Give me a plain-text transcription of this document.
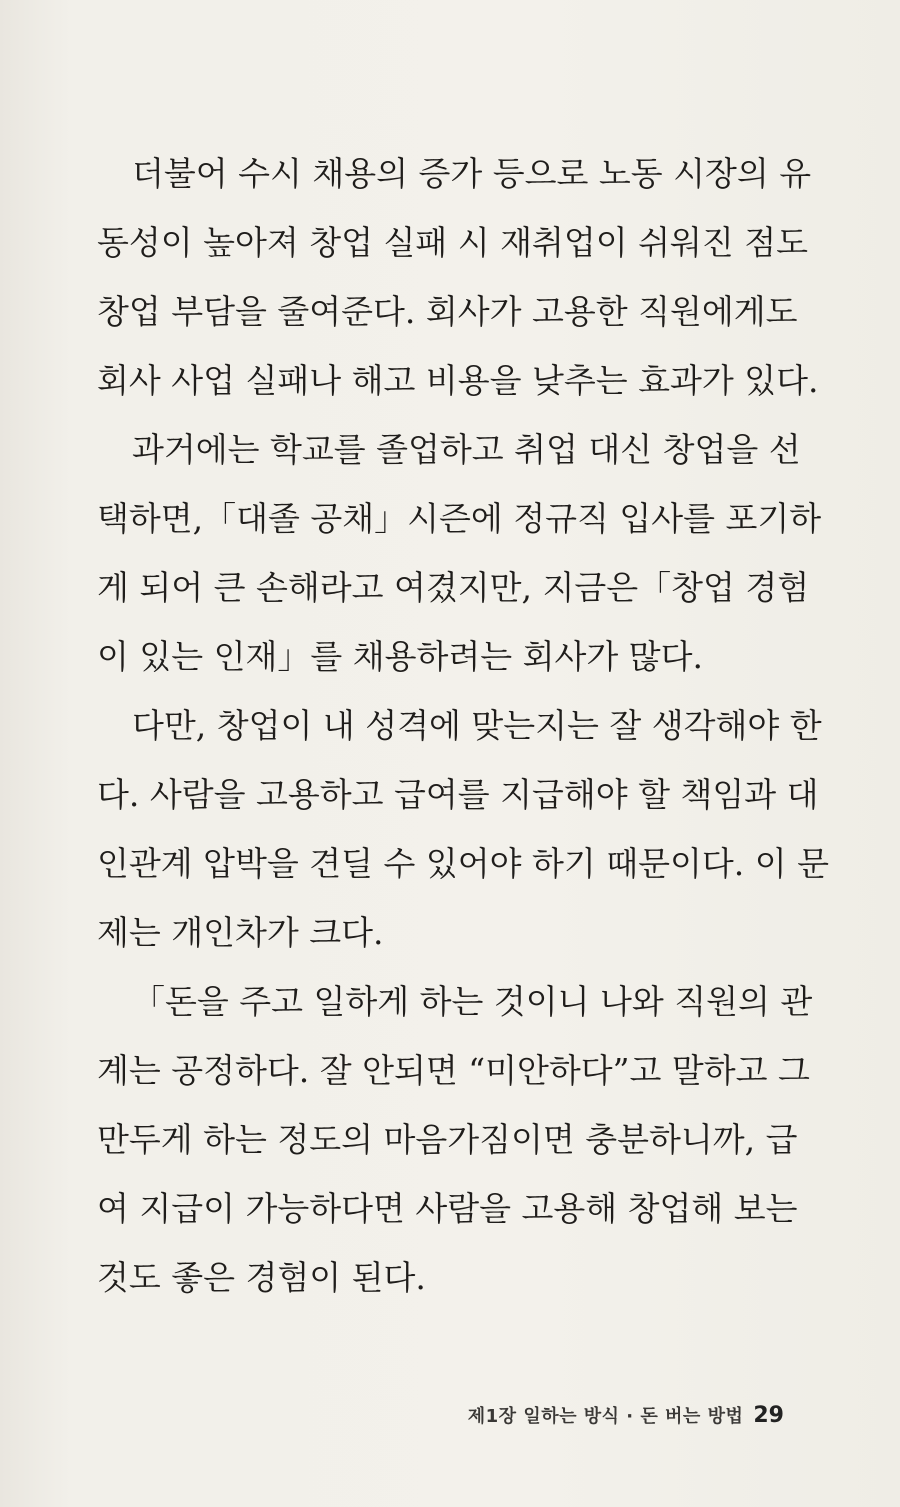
더불어 수시 채용의 증가 등으로 노동 시장의 유
동성이 높아져 창업 실패 시 재취업이 쉬워진 점도
창업 부담을 줄여준다. 회사가 고용한 직원에게도
회사 사업 실패나 해고 비용을 낮추는 효과가 있다.
과거에는 학교를 졸업하고 취업 대신 창업을 선
택하면,「대졸 공채」시즌에 정규직 입사를 포기하
게 되어 큰 손해라고 여겼지만, 지금은「창업 경험
이 있는 인재」를 채용하려는 회사가 많다.
다만, 창업이 내 성격에 맞는지는 잘 생각해야 한
다. 사람을 고용하고 급여를 지급해야 할 책임과 대
인관계 압박을 견딜 수 있어야 하기 때문이다. 이 문
제는 개인차가 크다.
「돈을 주고 일하게 하는 것이니 나와 직원의 관
계는 공정하다. 잘 안되면 “미안하다”고 말하고 그
만두게 하는 정도의 마음가짐이면 충분하니까, 급
여 지급이 가능하다면 사람을 고용해 창업해 보는
것도 좋은 경험이 된다.
제1장 일하는 방식 · 돈 버는 방법 29
